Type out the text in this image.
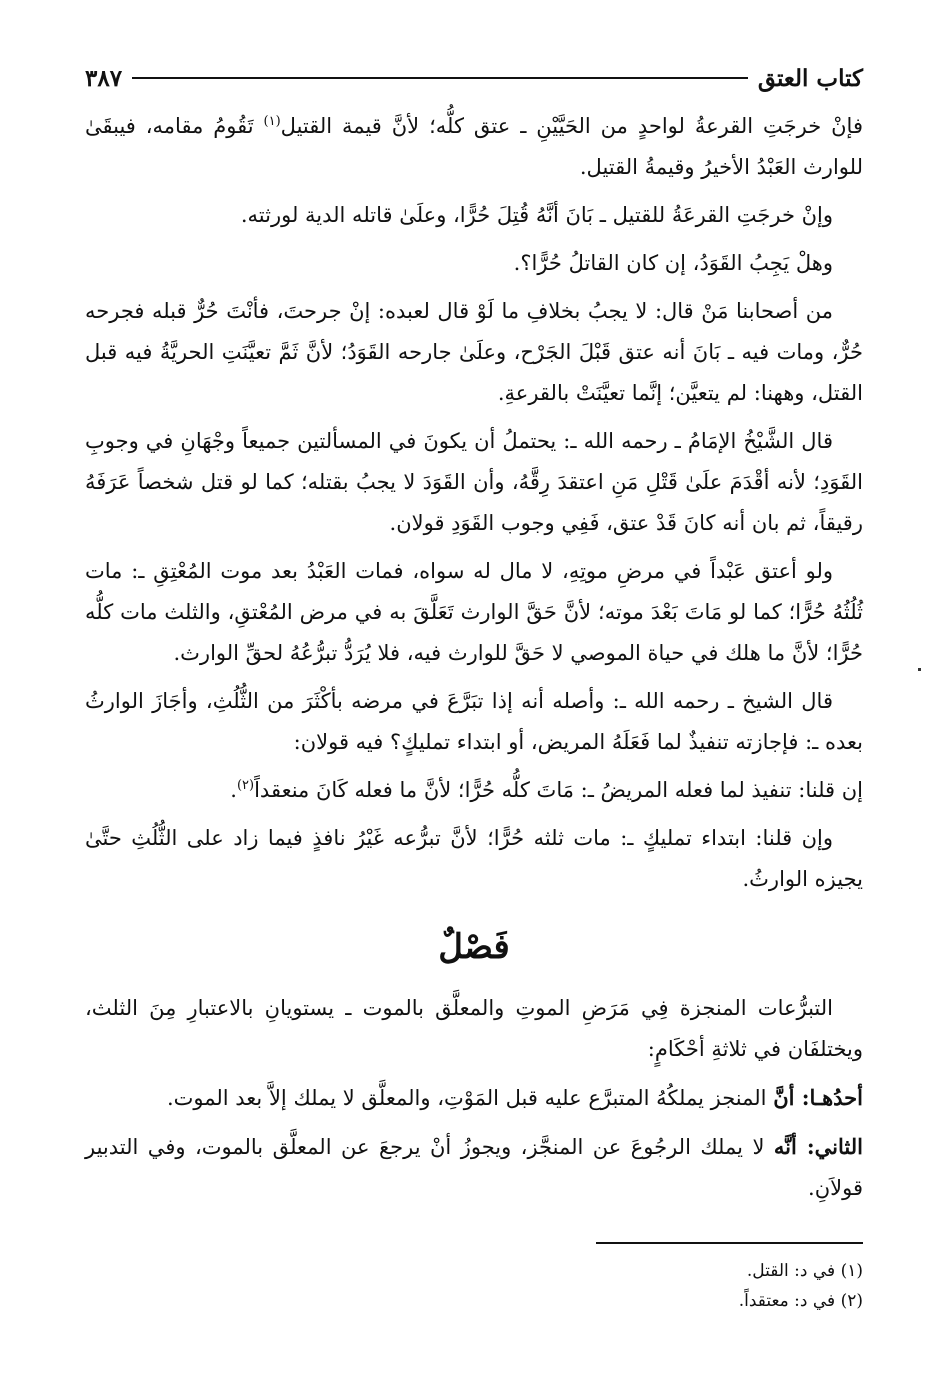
كتاب العتق
٣٨٧

فإنْ خرجَتِ القرعةُ لواحدٍ من الحَيَّيْنِ ـ عتق كلُّه؛ لأنَّ قيمة القتيل$^{(١)}$ تَقُومُ مقامه، فيبقَىٰ للوارث العَبْدُ الأخيرُ وقيمةُ القتيل.

وإنْ خرجَتِ القرعَةُ للقتيل ـ بَانَ أنَّهُ قُتِلَ حُرًّا، وعلَىٰ قاتله الدية لورثته.

وهلْ يَجِبُ القَوَدُ، إن كان القاتلُ حُرًّا؟.

من أصحابنا مَنْ قال: لا يجبُ بخلافِ ما لَوْ قال لعبده: إنْ جرحتَ، فأنْتَ حُرٌّ قبله فجرحه حُرٌّ، ومات فيه ـ بَانَ أنه عتق قَبْلَ الجَرْح، وعلَىٰ جارحه القَوَدُ؛ لأنَّ ثَمَّ تعيَّنَتِ الحريَّةُ فيه قبل القتل، وههنا: لم يتعيَّن؛ إنَّما تعيَّنَتْ بالقرعةِ.

قال الشَّيْخُ الإمَامُ ـ رحمه الله ـ: يحتملُ أن يكونَ في المسألتين جميعاً وجْهَانِ في وجوبِ القَوَدِ؛ لأنه أقْدَمَ علَىٰ قَتْلِ مَنِ اعتقدَ رِقَّهُ، وأن القَوَدَ لا يجبُ بقتله؛ كما لو قتل شخصاً عَرَفَهُ رقيقاً، ثم بان أنه كانَ قَدْ عتق، فَفِي وجوب القَوَدِ قولان.

ولو أعتق عَبْداً في مرضِ موتِهِ، لا مال له سواه، فمات العَبْدُ بعد موت المُعْتِقِ ـ: مات ثُلُثُهُ حُرًّا؛ كما لو مَاتَ بَعْدَ موته؛ لأنَّ حَقَّ الوارث تَعَلَّقَ به في مرض المُعْتقِ، والثلث مات كلُّه حُرًّا؛ لأنَّ ما هلك في حياة الموصي لا حَقَّ للوارث فيه، فلا يُرَدُّ تبرُّعُهُ لحقِّ الوارث.

قال الشيخ ـ رحمه الله ـ: وأصله أنه إذا تبَرَّعَ في مرضه بأكْثَرَ من الثُّلُثِ، وأجَازَ الوارثُ بعده ـ: فإجازته تنفيذٌ لما فَعَلَهُ المريض، أو ابتداء تمليكٍ؟ فيه قولان:

إن قلنا: تنفيذ لما فعله المريضُ ـ: مَاتَ كلُّه حُرًّا؛ لأنَّ ما فعله كَانَ منعقداً$^{(٢)}$.

وإن قلنا: ابتداء تمليكٍ ـ: مات ثلثه حُرًّا؛ لأنَّ تبرُّعه غَيْرُ نافذٍ فيما زاد على الثُّلُثِ حتَّىٰ يجيزه الوارثُ.

فَصْلٌ

التبرُّعات المنجزة فِي مَرَضِ الموتِ والمعلَّق بالموت ـ يستويانِ بالاعتبارِ مِنَ الثلث، ويختلفَان في ثلاثةِ أحْكَامٍ:

أحدُهـا: أنَّ المنجز يملكُهُ المتبرَّع عليه قبل المَوْتِ، والمعلَّق لا يملك إلاَّ بعد الموت.

الثاني: أنَّه لا يملك الرجُوعَ عن المنجَّز، ويجوزُ أنْ يرجعَ عن المعلَّق بالموت، وفي التدبير قولاَنِ.

(١) في د: القتل.

(٢) في د: معتقداً.
